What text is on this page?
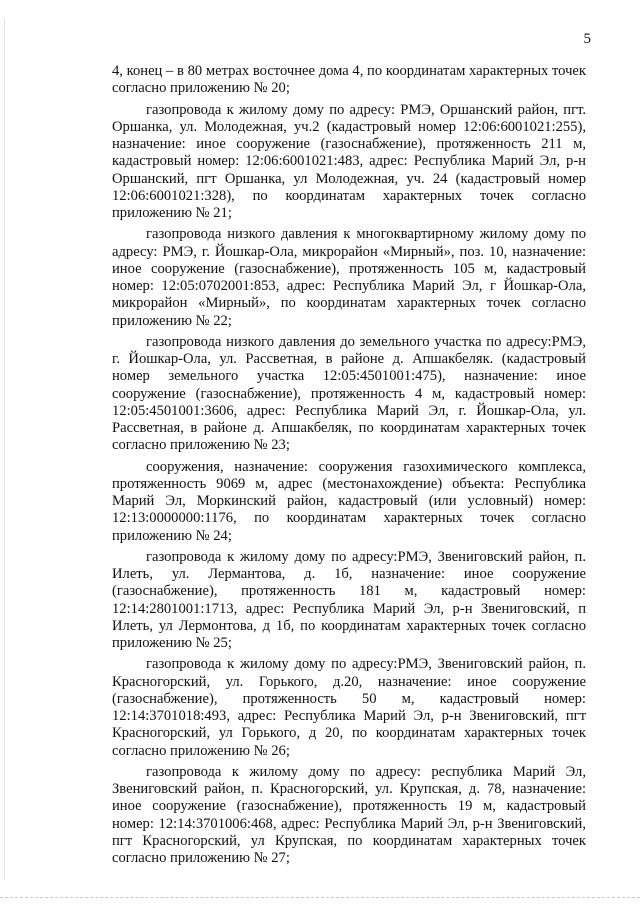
5

4, конец – в 80 метрах восточнее дома 4, по координатам характерных точек согласно приложению № 20;

газопровода к жилому дому по адресу: РМЭ, Оршанский район, пгт. Оршанка, ул. Молодежная, уч.2 (кадастровый номер 12:06:6001021:255), назначение: иное сооружение (газоснабжение), протяженность 211 м, кадастровый номер: 12:06:6001021:483, адрес: Республика Марий Эл, р-н Оршанский, пгт Оршанка, ул Молодежная, уч. 24 (кадастровый номер 12:06:6001021:328), по координатам характерных точек согласно приложению № 21;

газопровода низкого давления к многоквартирному жилому дому по адресу: РМЭ, г. Йошкар-Ола, микрорайон «Мирный», поз. 10, назначение: иное сооружение (газоснабжение), протяженность 105 м, кадастровый номер: 12:05:0702001:853, адрес: Республика Марий Эл, г Йошкар-Ола, микрорайон «Мирный», по координатам характерных точек согласно приложению № 22;

газопровода низкого давления до земельного участка по адресу:РМЭ, г. Йошкар-Ола, ул. Рассветная, в районе д. Апшакбеляк. (кадастровый номер земельного участка 12:05:4501001:475), назначение: иное сооружение (газоснабжение), протяженность 4 м, кадастровый номер: 12:05:4501001:3606, адрес: Республика Марий Эл, г. Йошкар-Ола, ул. Рассветная, в районе д. Апшакбеляк, по координатам характерных точек согласно приложению № 23;

сооружения, назначение: сооружения газохимического комплекса, протяженность 9069 м, адрес (местонахождение) объекта: Республика Марий Эл, Моркинский район, кадастровый (или условный) номер: 12:13:0000000:1176, по координатам характерных точек согласно приложению № 24;

газопровода к жилому дому по адресу:РМЭ, Звениговский район, п. Илеть, ул. Лермантова, д. 1б, назначение: иное сооружение (газоснабжение), протяженность 181 м, кадастровый номер: 12:14:2801001:1713, адрес: Республика Марий Эл, р-н Звениговский, п Илеть, ул Лермонтова, д 1б, по координатам характерных точек согласно приложению № 25;

газопровода к жилому дому по адресу:РМЭ, Звениговский район, п. Красногорский, ул. Горького, д.20, назначение: иное сооружение (газоснабжение), протяженность 50 м, кадастровый номер: 12:14:3701018:493, адрес: Республика Марий Эл, р-н Звениговский, пгт Красногорский, ул Горького, д 20, по координатам характерных точек согласно приложению № 26;

газопровода к жилому дому по адресу: республика Марий Эл, Звениговский район, п. Красногорский, ул. Крупская, д. 78, назначение: иное сооружение (газоснабжение), протяженность 19 м, кадастровый номер: 12:14:3701006:468, адрес: Республика Марий Эл, р-н Звениговский, пгт Красногорский, ул Крупская, по координатам характерных точек согласно приложению № 27;
